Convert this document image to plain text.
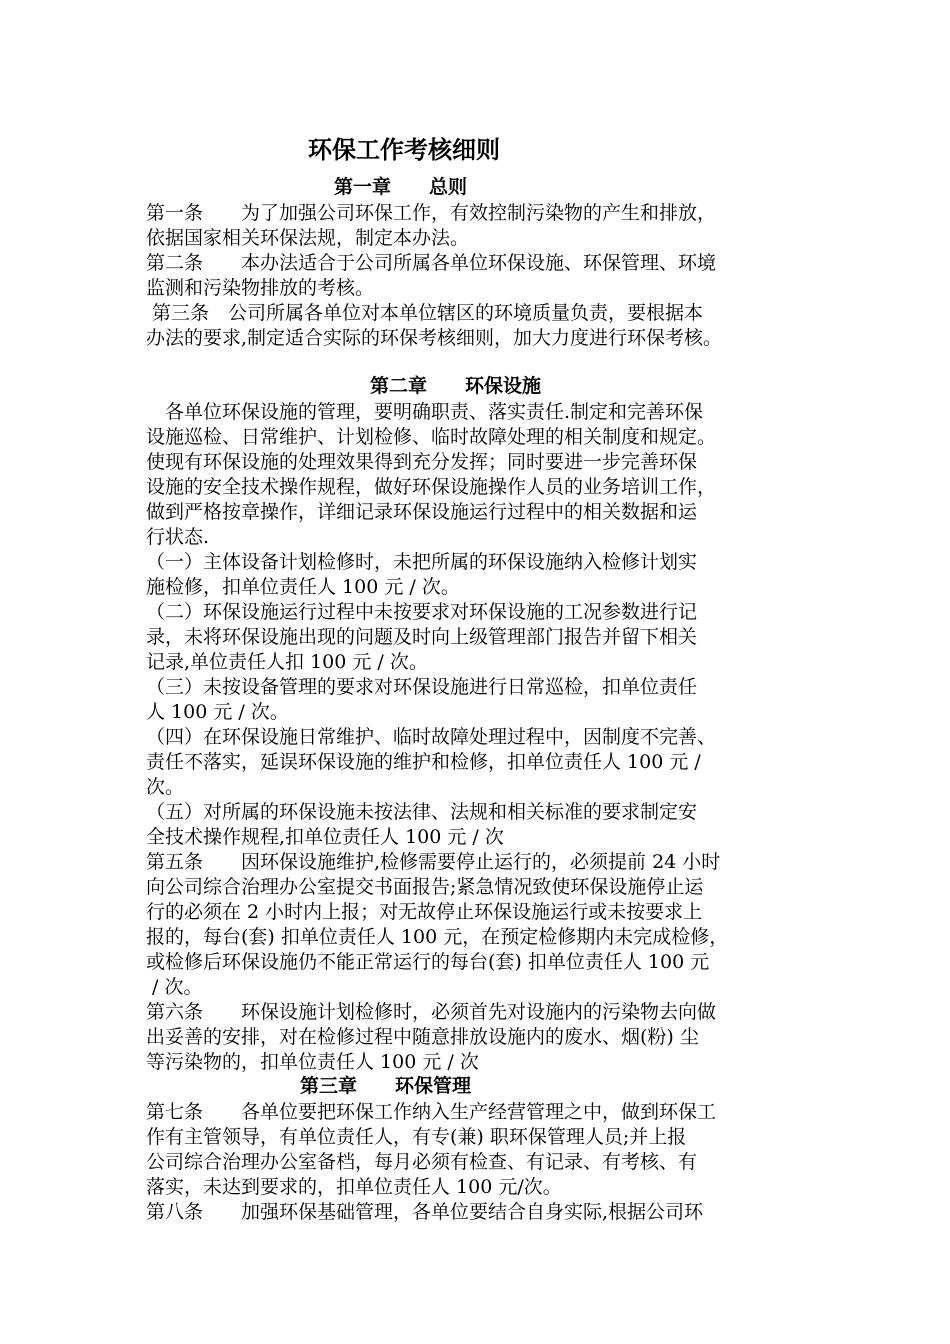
环保工作考核细则
第一章　　总则
第一条　　为了加强公司环保工作，有效控制污染物的产生和排放，
依据国家相关环保法规，制定本办法。
第二条　　本办法适合于公司所属各单位环保设施、环保管理、环境
监测和污染物排放的考核。
第三条　公司所属各单位对本单位辖区的环境质量负责，要根据本
办法的要求,制定适合实际的环保考核细则，加大力度进行环保考核。
第二章　　环保设施
　各单位环保设施的管理，要明确职责、落实责任.制定和完善环保
设施巡检、日常维护、计划检修、临时故障处理的相关制度和规定。
使现有环保设施的处理效果得到充分发挥；同时要进一步完善环保
设施的安全技术操作规程，做好环保设施操作人员的业务培训工作，
做到严格按章操作，详细记录环保设施运行过程中的相关数据和运
行状态.
（一）主体设备计划检修时，未把所属的环保设施纳入检修计划实
施检修，扣单位责任人 100 元 / 次。
（二）环保设施运行过程中未按要求对环保设施的工况参数进行记
录，未将环保设施出现的问题及时向上级管理部门报告并留下相关
记录,单位责任人扣 100 元 / 次。
（三）未按设备管理的要求对环保设施进行日常巡检，扣单位责任
人 100 元 / 次。
（四）在环保设施日常维护、临时故障处理过程中，因制度不完善、
责任不落实，延误环保设施的维护和检修，扣单位责任人 100 元 /
次。
（五）对所属的环保设施未按法律、法规和相关标准的要求制定安
全技术操作规程,扣单位责任人 100 元 / 次
第五条　　因环保设施维护,检修需要停止运行的，必须提前 24 小时
向公司综合治理办公室提交书面报告;紧急情况致使环保设施停止运
行的必须在 2 小时内上报；对无故停止环保设施运行或未按要求上
报的，每台(套) 扣单位责任人 100 元，在预定检修期内未完成检修，
或检修后环保设施仍不能正常运行的每台(套) 扣单位责任人 100 元
/ 次。
第六条　　环保设施计划检修时，必须首先对设施内的污染物去向做
出妥善的安排，对在检修过程中随意排放设施内的废水、烟(粉) 尘
等污染物的，扣单位责任人 100 元 / 次
第三章　　环保管理
第七条　　各单位要把环保工作纳入生产经营管理之中，做到环保工
作有主管领导，有单位责任人，有专(兼) 职环保管理人员;并上报
公司综合治理办公室备档，每月必须有检查、有记录、有考核、有
落实，未达到要求的，扣单位责任人 100 元/次。
第八条　　加强环保基础管理，各单位要结合自身实际,根据公司环
